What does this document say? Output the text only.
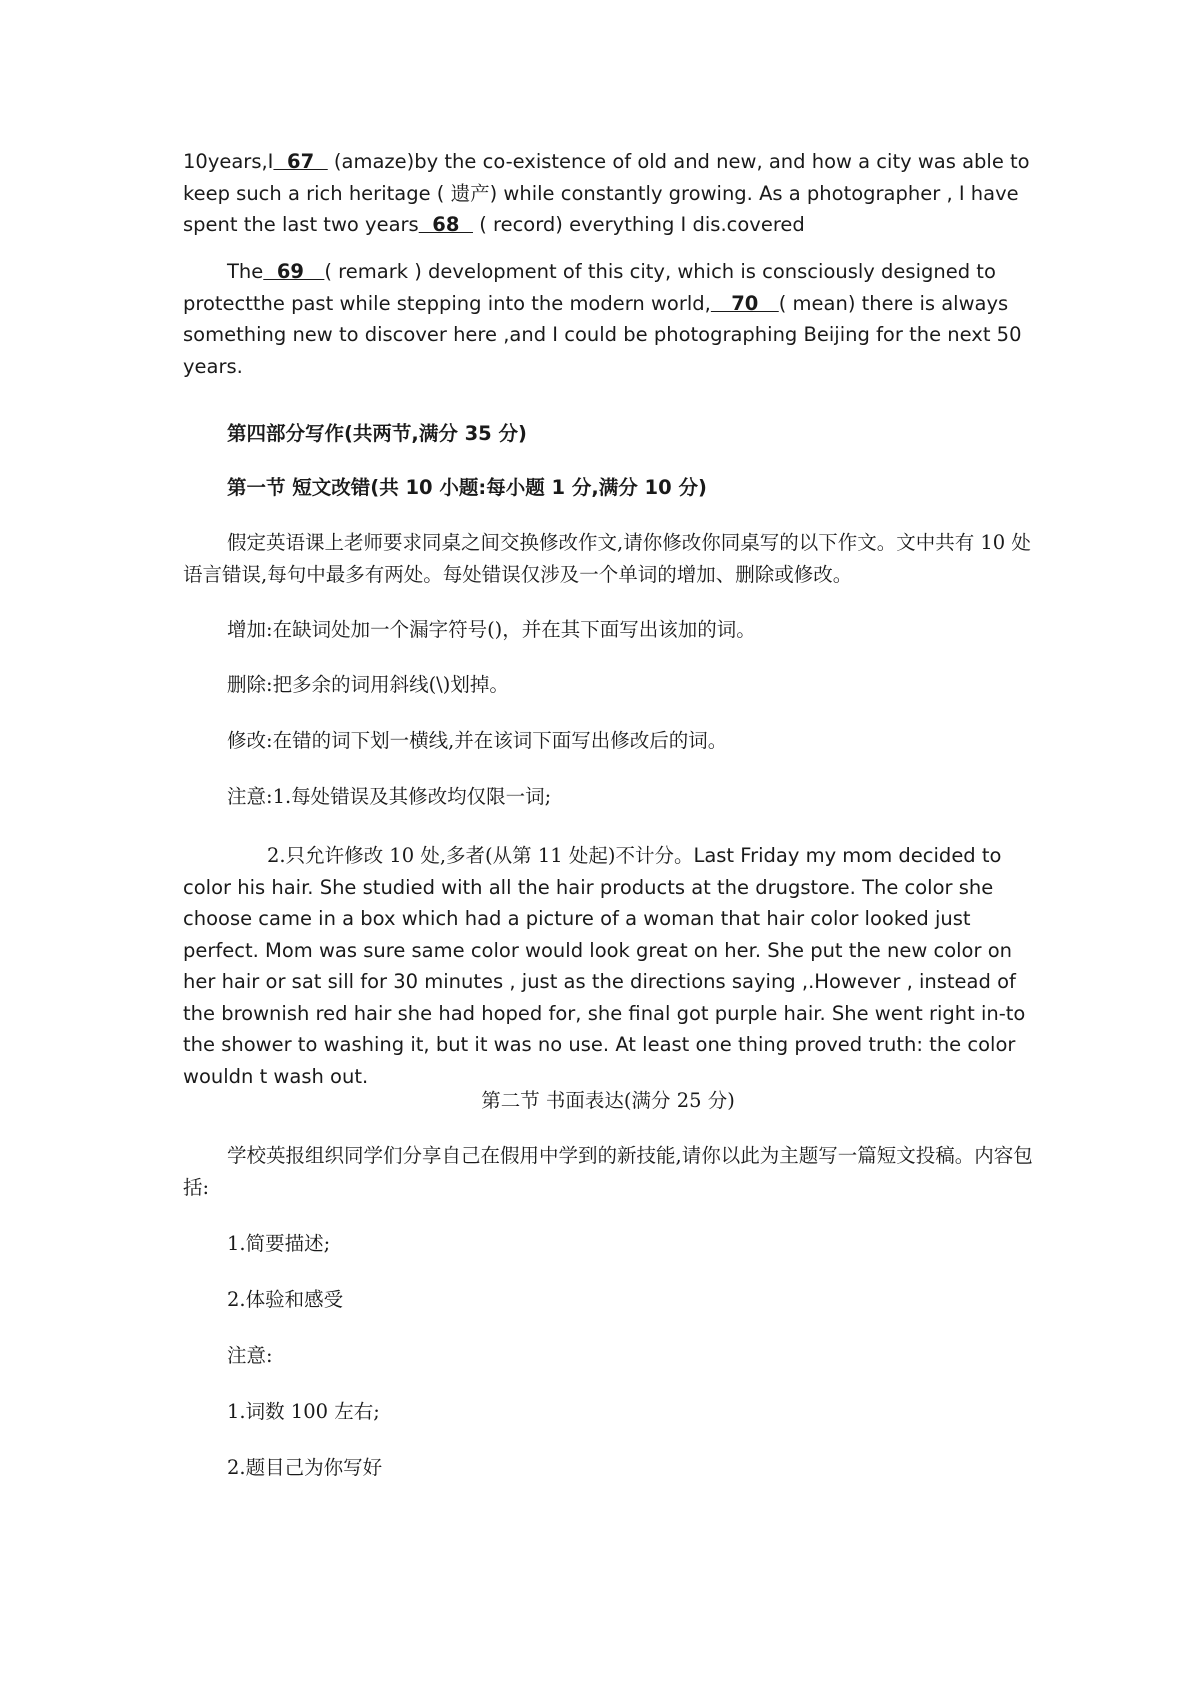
10years,I  67   (amaze)by the co-existence of old and new, and how a city was able to keep such a rich heritage ( 遗产) while constantly growing. As a photographer , I have spent the last two years  68   ( record) everything I dis.covered

The  69   ( remark ) development of this city, which is consciously designed to protectthe past while stepping into the modern world,   70   ( mean) there is always something new to discover here ,and I could be photographing Beijing for the next 50 years.

第四部分写作(共两节,满分 35 分)

第一节 短文改错(共 10 小题:每小题 1 分,满分 10 分)

假定英语课上老师要求同桌之间交换修改作文,请你修改你同桌写的以下作文。文中共有 10 处语言错误,每句中最多有两处。每处错误仅涉及一个单词的增加、删除或修改。

增加:在缺词处加一个漏字符号()，并在其下面写出该加的词。

删除:把多余的词用斜线(\)划掉。

修改:在错的词下划一横线,并在该词下面写出修改后的词。

注意:1.每处错误及其修改均仅限一词;

2.只允许修改 10 处,多者(从第 11 处起)不计分。Last Friday my mom decided to color his hair. She studied with all the hair products at the drugstore. The color she choose came in a box which had a picture of a woman that hair color looked just perfect. Mom was sure same color would look great on her. She put the new color on her hair or sat sill for 30 minutes , just as the directions saying ,.However , instead of the brownish red hair she had hoped for, she final got purple hair. She went right in-to the shower to washing it, but it was no use. At least one thing proved truth: the color wouldn t wash out.

第二节 书面表达(满分 25 分)

学校英报组织同学们分享自己在假用中学到的新技能,请你以此为主题写一篇短文投稿。内容包括:

1.简要描述;

2.体验和感受

注意:

1.词数 100 左右;

2.题目己为你写好
